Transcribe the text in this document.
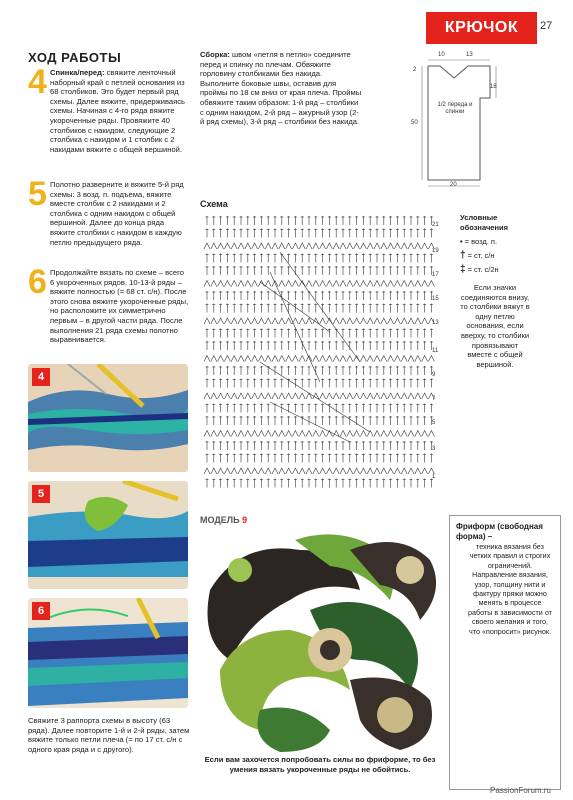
КРЮЧОК 27
ХОД РАБОТЫ
4 Спинка/перед: свяжите ленточный наборный край с петлей основания из 68 столбиков. Это будет первый ряд схемы. Далее вяжите, придерживаясь схемы. Начиная с 4-го ряда вяжите укороченные ряды. Провяжите 40 столбиков с накидом, следующие 2 столбика с накидом и 1 столбик с 2 накидами вяжите с общей вершиной.
5 Полотно разверните и вяжите 5-й ряд схемы: 3 возд. п. подъема, вяжите вместе столбик с 2 накидами и 2 столбика с одним накидом с общей вершиной. Далее до конца ряда вяжите столбики с накидом в каждую петлю предыдущего ряда.
6 Продолжайте вязать по схеме – всего 6 укороченных рядов. 10-13-й ряды – вяжите полностью (= 68 ст. с/н). После этого снова вяжите укороченные ряды, но расположите их симметрично первым – в другой части ряда. После выполнения 21 ряда схемы полотно выравнивается.
4
5
6
Свяжите 3 раппорта схемы в высоту (63 ряда). Далее повторите 1-й и 2-й ряды, затем вяжите только петли плеча (= по 17 ст. с/н с одного края ряда и с другого).
Сборка: швом «петля в петлю» соедините перед и спинку по плечам. Обвяжите горловину столбиками без накида. Выполните боковые швы, оставив для проймы по 18 см вниз от края плеча. Проймы обвяжите таким образом: 1-й ряд – столбики с одним накидом, 2-й ряд – ажурный узор (2-й ряд схемы), 3-й ряд – столбики без накида.
10	13
2
18
50
20
1/2 переда и спинки
Схема
21
19
17
15
13
11
9
7
5
3
1
Условные обозначения
• = возд. п.
† = ст. с/н
‡ = ст. с/2н
Если значки соединяются внизу, то столбики вяжут в одну петлю основания, если вверху, то столбики провязывают вместе с общей вершиной.
МОДЕЛЬ 9
Если вам захочется попробовать силы во фриформе, то без умения вязать укороченные ряды не обойтись.
Фриформ (свободная форма) –
техника вязания без четких правил и строгих ограничений. Направление вязания, узор, толщину нити и фактуру пряжи можно менять в процессе работы в зависимости от своего желания и того, что «попросит» рисунок.
PassionForum.ru
